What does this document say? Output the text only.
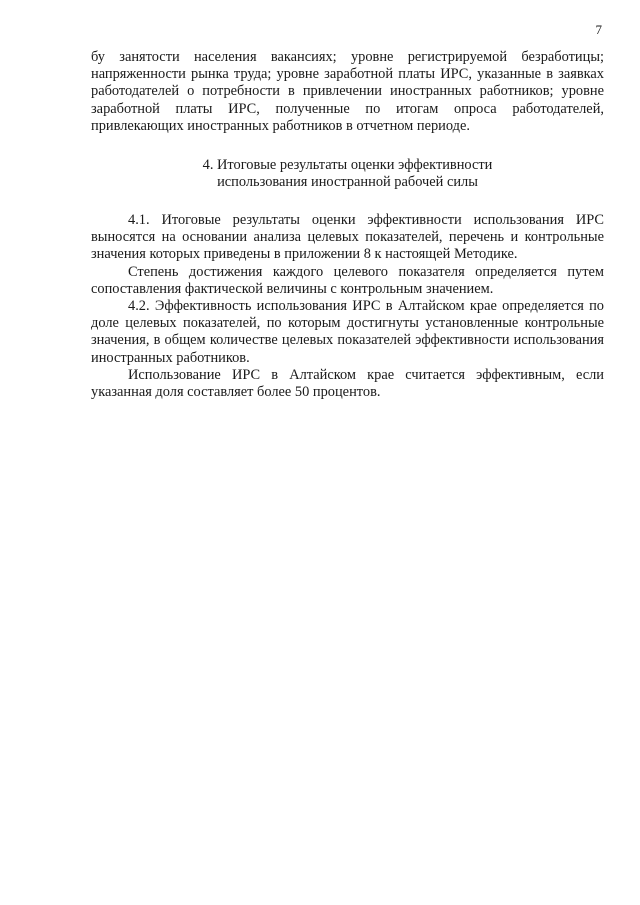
7

бу занятости населения вакансиях; уровне регистрируемой безработицы; напряженности рынка труда; уровне заработной платы ИРС, указанные в заявках работодателей о потребности в привлечении иностранных работников; уровне заработной платы ИРС, полученные по итогам опроса работодателей, привлекающих иностранных работников в отчетном периоде.

4. Итоговые результаты оценки эффективности
использования иностранной рабочей силы

4.1. Итоговые результаты оценки эффективности использования ИРС выносятся на основании анализа целевых показателей, перечень и контрольные значения которых приведены в приложении 8 к настоящей Методике.

Степень достижения каждого целевого показателя определяется путем сопоставления фактической величины с контрольным значением.

4.2. Эффективность использования ИРС в Алтайском крае определяется по доле целевых показателей, по которым достигнуты установленные контрольные значения, в общем количестве целевых показателей эффективности использования иностранных работников.

Использование ИРС в Алтайском крае считается эффективным, если указанная доля составляет более 50 процентов.
